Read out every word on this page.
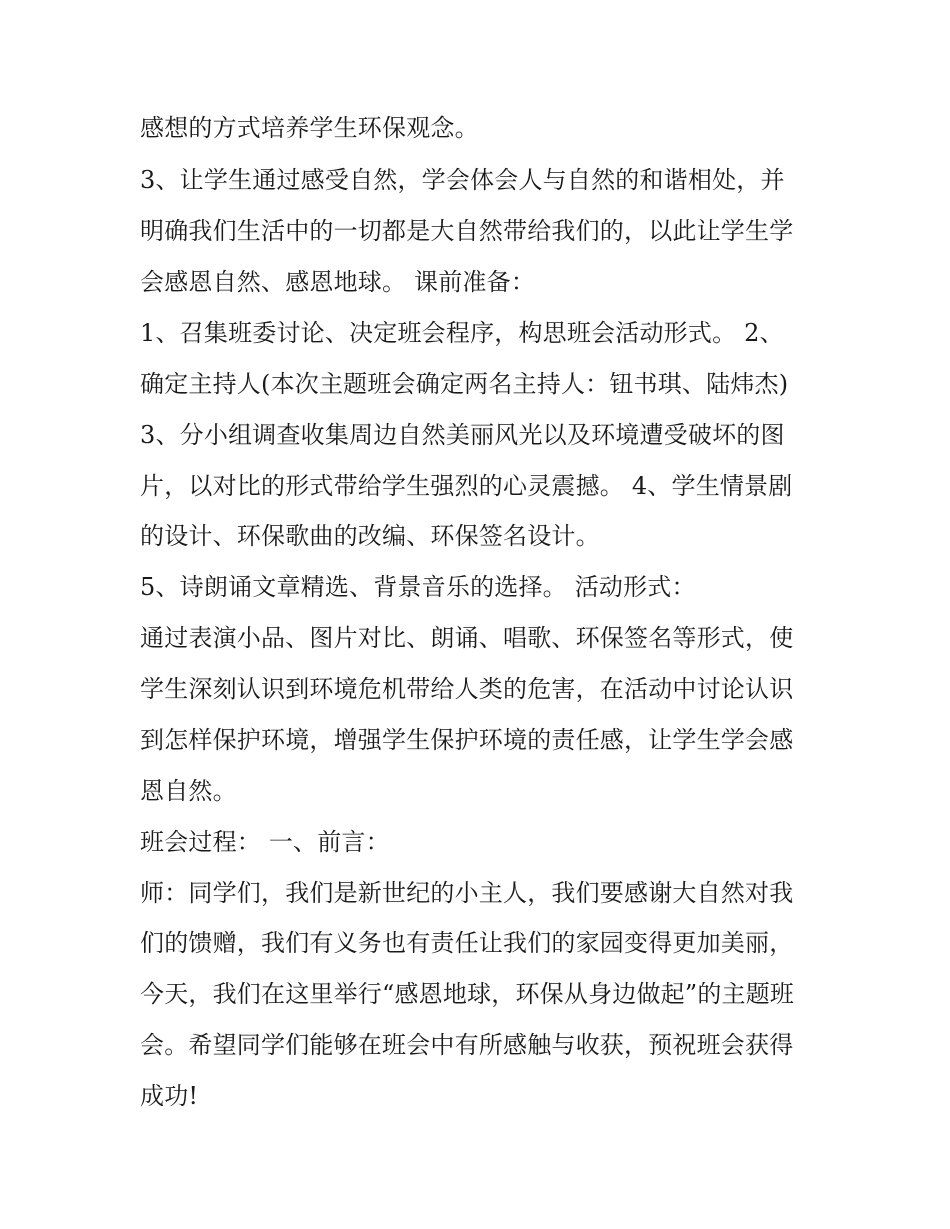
感想的方式培养学生环保观念。
3、让学生通过感受自然，学会体会人与自然的和谐相处，并
明确我们生活中的一切都是大自然带给我们的，以此让学生学
会感恩自然、感恩地球。 课前准备：
1、召集班委讨论、决定班会程序，构思班会活动形式。 2、
确定主持人(本次主题班会确定两名主持人：钮书琪、陆炜杰)
3、分小组调查收集周边自然美丽风光以及环境遭受破坏的图
片，以对比的形式带给学生强烈的心灵震撼。 4、学生情景剧
的设计、环保歌曲的改编、环保签名设计。
5、诗朗诵文章精选、背景音乐的选择。 活动形式：
通过表演小品、图片对比、朗诵、唱歌、环保签名等形式，使
学生深刻认识到环境危机带给人类的危害，在活动中讨论认识
到怎样保护环境，增强学生保护环境的责任感，让学生学会感
恩自然。
班会过程： 一、前言：
师：同学们，我们是新世纪的小主人，我们要感谢大自然对我
们的馈赠，我们有义务也有责任让我们的家园变得更加美丽，
今天，我们在这里举行“感恩地球，环保从身边做起”的主题班
会。希望同学们能够在班会中有所感触与收获，预祝班会获得
成功!
